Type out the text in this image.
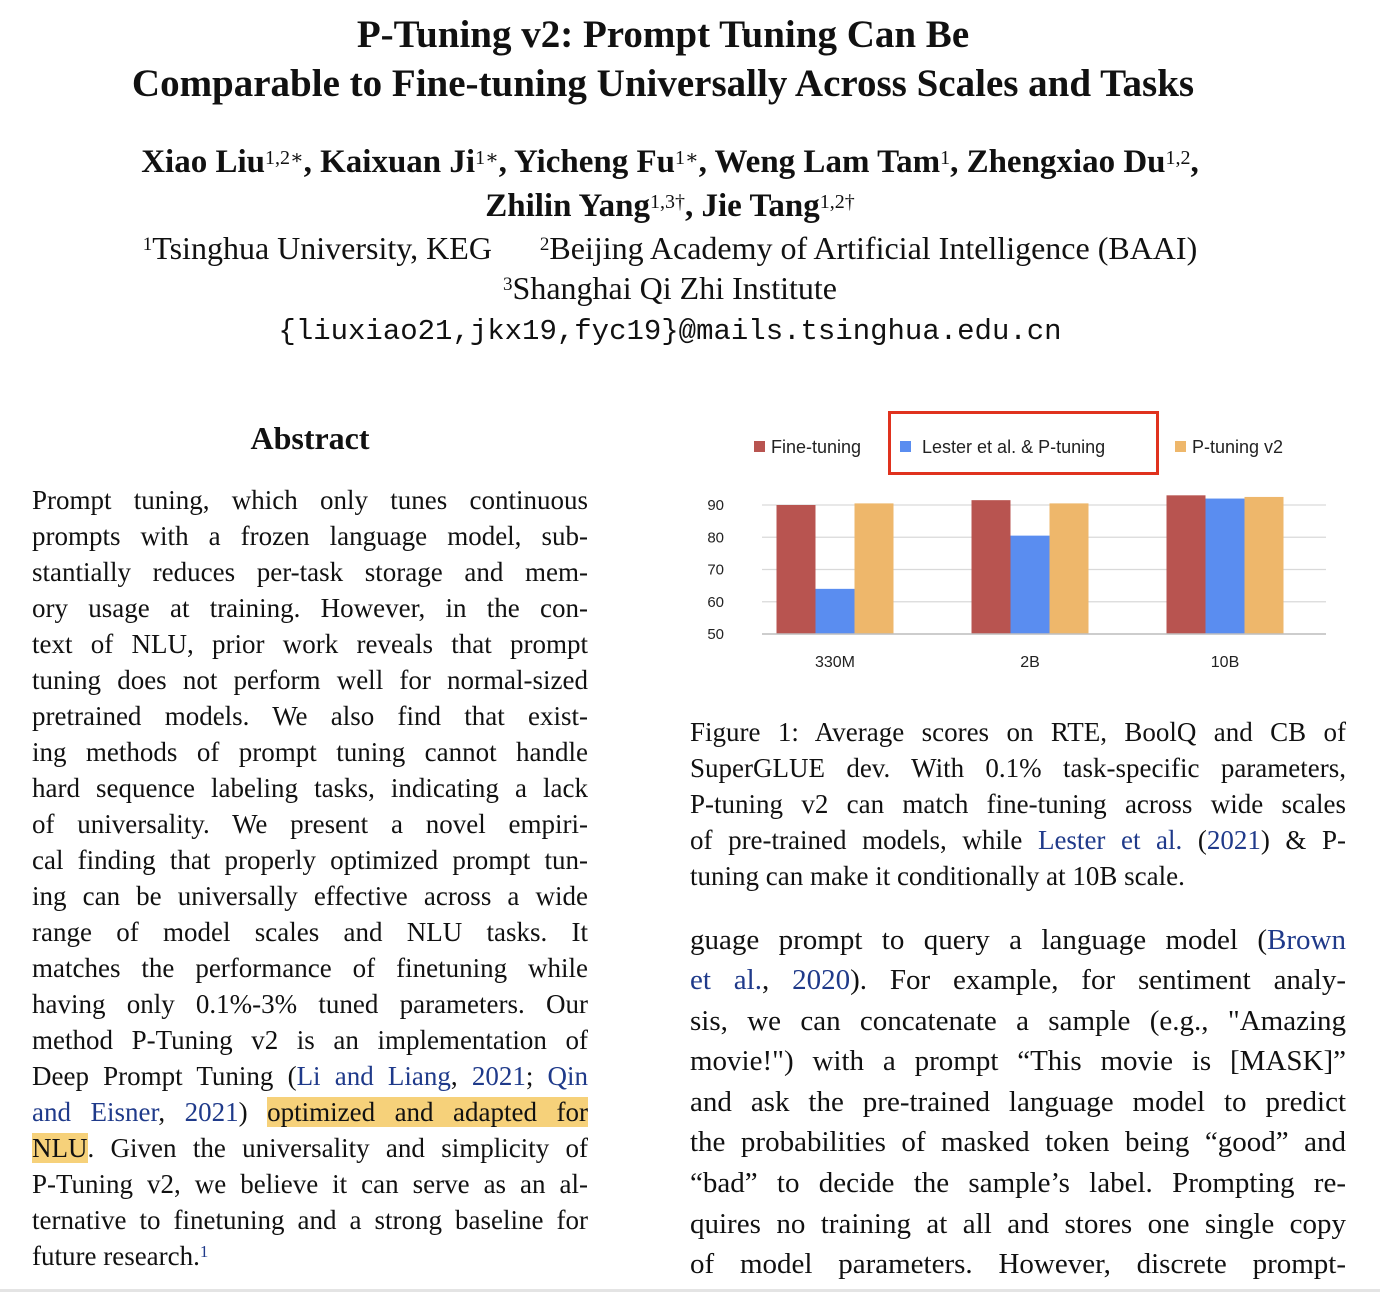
P-Tuning v2: Prompt Tuning Can Be
Comparable to Fine-tuning Universally Across Scales and Tasks
Xiao Liu$^{1,2∗}$, Kaixuan $Ji^{1∗}$, Yicheng $Fu^{1∗}$, Weng Lam Tam$^1$, Zhengxiao Du$^{1,2}$,
Zhilin Yang$^{1,3\dagger}$, Jie Tang$^{1,2\dagger}$
$^1$Tsinghua University, KEG	$^2$Beijing Academy of Artificial Intelligence (BAAI)
$^3$Shanghai Qi Zhi Institute
{liuxiao21,jkx19,fyc19}@mails.tsinghua.edu.cn
Abstract
Prompt tuning, which only tunes continuous
prompts with a frozen language model, sub-
stantially reduces per-task storage and mem-
ory usage at training. However, in the con-
text of NLU, prior work reveals that prompt
tuning does not perform well for normal-sized
pretrained models. We also find that exist-
ing methods of prompt tuning cannot handle
hard sequence labeling tasks, indicating a lack
of universality. We present a novel empiri-
cal finding that properly optimized prompt tun-
ing can be universally effective across a wide
range of model scales and NLU tasks. It
matches the performance of finetuning while
having only 0.1%-3% tuned parameters. Our
method P-Tuning v2 is an implementation of
Deep Prompt Tuning (Li and Liang, 2021; Qin
and Eisner, 2021) optimized and adapted for
NLU. Given the universality and simplicity of
P-Tuning v2, we believe it can serve as an al-
ternative to finetuning and a strong baseline for
future research.$^1$
Fine-tuning	Lester et al. & P-tuning	P-tuning v2
50
60
70
80
90
330M	2B	10B
Figure 1: Average scores on RTE, BoolQ and CB of
SuperGLUE dev. With 0.1% task-specific parameters,
P-tuning v2 can match fine-tuning across wide scales
of pre-trained models, while Lester et al. (2021) & P-
tuning can make it conditionally at 10B scale.
guage prompt to query a language model (Brown
et al., 2020). For example, for sentiment analy-
sis, we can concatenate a sample (e.g., "Amazing
movie!") with a prompt “This movie is [MASK]”
and ask the pre-trained language model to predict
the probabilities of masked token being “good” and
“bad” to decide the sample’s label. Prompting re-
quires no training at all and stores one single copy
of model parameters. However, discrete prompt-
